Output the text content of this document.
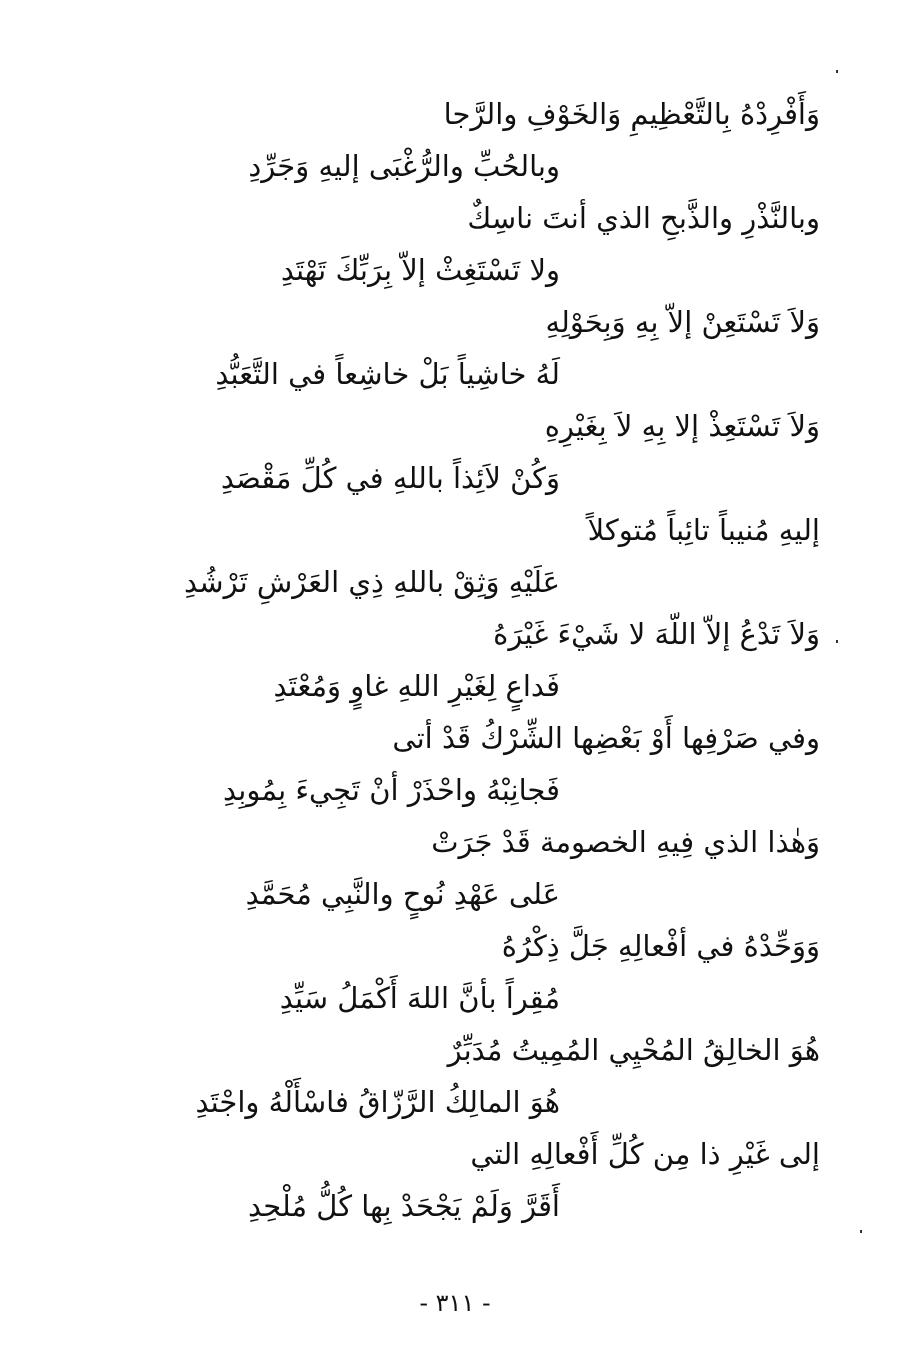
وَأَفْرِدْهُ بِالتَّعْظِيمِ وَالخَوْفِ والرَّجا
وبالحُبِّ والرُّغْبَى إليهِ وَجَرِّدِ
وبالنَّذْرِ والذَّبحِ الذي أنتَ ناسِكٌ
ولا تَسْتَغِثْ إلاّ بِرَبِّكَ تَهْتَدِ
وَلاَ تَسْتَعِنْ إلاّ بِهِ وَبِحَوْلِهِ
لَهُ خاشِياً بَلْ خاشِعاً في التَّعَبُّدِ
وَلاَ تَسْتَعِذْ إلا بِهِ لاَ بِغَيْرِهِ
وَكُنْ لاَئِذاً باللهِ في كُلِّ مَقْصَدِ
إليهِ مُنيباً تائِباً مُتوكلاً
عَلَيْهِ وَثِقْ باللهِ ذِي العَرْشِ تَرْشُدِ
وَلاَ تَدْعُ إلاّ اللّهَ لا شَيْءَ غَيْرَهُ
فَداعٍ لِغَيْرِ اللهِ غاوٍ وَمُعْتَدِ
وفي صَرْفِها أَوْ بَعْضِها الشِّرْكُ قَدْ أتى
فَجانِبْهُ واحْذَرْ أنْ تَجِيءَ بِمُوبِدِ
وَهٰذا الذي فِيهِ الخصومة قَدْ جَرَتْ
عَلى عَهْدِ نُوحٍ والنَّبِي مُحَمَّدِ
وَوَحِّدْهُ في أفْعالِهِ جَلَّ ذِكْرُهُ
مُقِراً بأنَّ اللهَ أَكْمَلُ سَيِّدِ
هُوَ الخالِقُ المُحْيِي المُمِيتُ مُدَبِّرٌ
هُوَ المالِكُ الرَّزّاقُ فاسْأَلْهُ واجْتَدِ
إلى غَيْرِ ذا مِن كُلِّ أَفْعالِهِ التي
أَقَرَّ وَلَمْ يَجْحَدْ بِها كُلُّ مُلْحِدِ
- ٣١١ -
